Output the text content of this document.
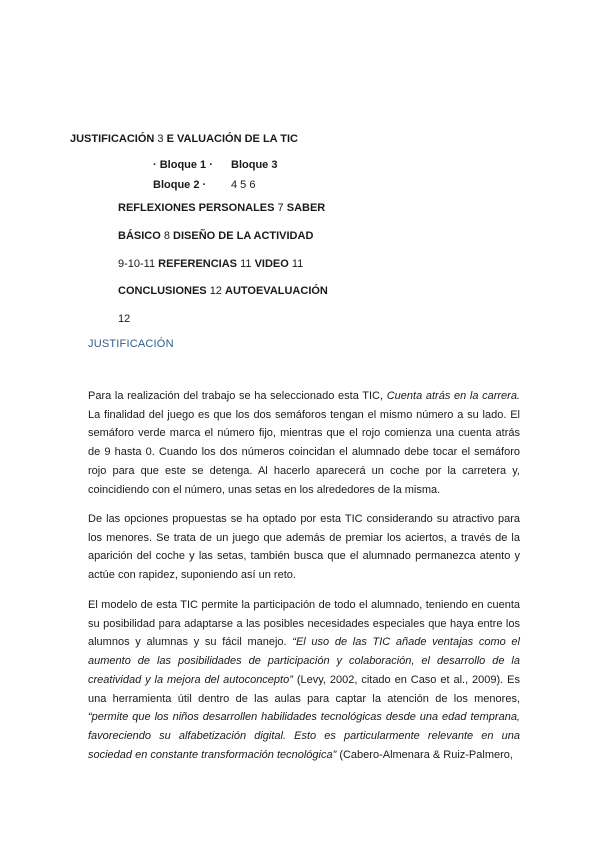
JUSTIFICACIÓN 3 E VALUACIÓN DE LA TIC
· Bloque 1 · Bloque 3
Bloque 2 · 4 5 6
REFLEXIONES PERSONALES 7 SABER
BÁSICO 8 DISEÑO DE LA ACTIVIDAD
9-10-11 REFERENCIAS 11 VIDEO 11
CONCLUSIONES 12 AUTOEVALUACIÓN
12
JUSTIFICACIÓN
Para la realización del trabajo se ha seleccionado esta TIC, Cuenta atrás en la carrera. La finalidad del juego es que los dos semáforos tengan el mismo número a su lado. El semáforo verde marca el número fijo, mientras que el rojo comienza una cuenta atrás de 9 hasta 0. Cuando los dos números coincidan el alumnado debe tocar el semáforo rojo para que este se detenga. Al hacerlo aparecerá un coche por la carretera y, coincidiendo con el número, unas setas en los alrededores de la misma.
De las opciones propuestas se ha optado por esta TIC considerando su atractivo para los menores. Se trata de un juego que además de premiar los aciertos, a través de la aparición del coche y las setas, también busca que el alumnado permanezca atento y actúe con rapidez, suponiendo así un reto.
El modelo de esta TIC permite la participación de todo el alumnado, teniendo en cuenta su posibilidad para adaptarse a las posibles necesidades especiales que haya entre los alumnos y alumnas y su fácil manejo. “El uso de las TIC añade ventajas como el aumento de las posibilidades de participación y colaboración, el desarrollo de la creatividad y la mejora del autoconcepto” (Levy, 2002, citado en Caso et al., 2009). Es una herramienta útil dentro de las aulas para captar la atención de los menores, “permite que los niños desarrollen habilidades tecnológicas desde una edad temprana, favoreciendo su alfabetización digital. Esto es particularmente relevante en una sociedad en constante transformación tecnológica” (Cabero-Almenara & Ruiz-Palmero,
